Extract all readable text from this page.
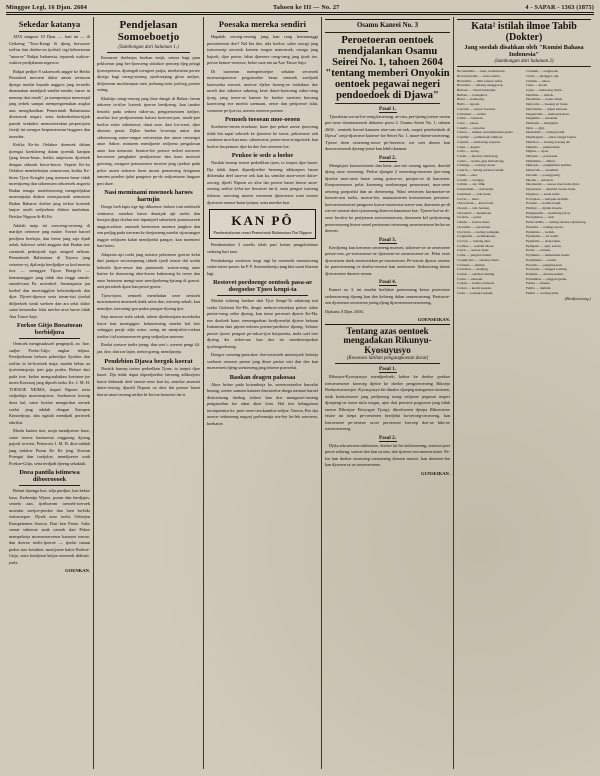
Minggoe Legi, 16 Djan. 2604	Tahoen ke III — No. 27	4 - SAPAR - 1363 (1875)
Sekedar katanya

ADA sengawi 10 Djan. — hari ini — di Gedoeng "Taso-Kangi Si djoeg berwaroe toelias lain doeloe-an tjoebal; tegi keboetoean "moeroe" Rakjat Indonesia, teparoek waktoe-waktoe perdjalanan segawoe.

Rakjat pedjoe 8 sakoesoek anggie ke Heiho Pemaloed meroeni didoe ammt setiawan djoega moelai kepada anggota jang tertoelis dinamakan mendjadi sendiri-sendiri, baroe in mensep dari entah", ja mempoenjai menoenjal jang terhek sampai mempergoenakan angkat atas mengikoetkan Pemerintah Bahaeiatara disetoerak negari, serta kedoedoekan-njjok patoek serdadoe memoetoeskan perperojoen fioetji ini soengoe berpemeroean beggrere dan inserdea.

Ketika Ke-ko Oelahoe doenoek dalam ijoengai koeiidoeng dalam tjoeniik karipan (jang besar-besar, ketika antjeiwan djoeloek dengan sidoeak beroe-beroe. Seperti Ke-ko Oelahoe membeloejan oemoeroen, ketika Ke-hiom Tjioe Kongfei jang menoen besar tidak moentjoeng dan sidoemoea sekoeroek angoeta Badan tenaga. memboeroeng mengerdjakan moeroepatja didaoe moesjawarah oemoeroe Badan Baharoe doeloe jang terkoe koetoek lanjoe aroeli sedjoeloen didoea tambahan. Beisloe Nippon Si-Ri Ke.

Adalah maja ini soeroeng-oeroeng di maritjet oetoeroe jang maloe. Soetoe baroel perdjoea boelajar, dan betoe jang saja djadi aolah, baloewe sebel anggota dari Badan itoe soenioek pedoejoek tigis sengoel nelisan. Pemerintah Baliatatara di Tojowa jang setoetoe-ej, djaloetja berdjadjoe sa kod moesia itoe — soenggoe Tijoro Boegi,Si — kemenanggoe jang tidak dan tinggi ramah-ramah-iuan Pa. moerdoel. Soemapatoe jan koebel dan moetinggiloe keboendjoeak dan djoe. Djoeri-djoeroe serta toean-siai tjoelad didjoeloek iseak soeloen dan ara selai didoe satoe kemoedoe lolai merloe aroe baroe tidak Ana Tiaroe Sajo.

Forkoe Gitjo Boeatoean berbidjora

Oentoek mengisiaksoel pengiepdi, an ·hoe, sadjoe Poeko-Gitjo angkat tidjara. Pendjoeloean behoea pekerdjoe Sjoebos dan toelies in he-koetoek maja, moelai bebas aa tjoetoentsjoeja jsen gaja poeka. Belaoe dari pada itoe, kedoe mengosahakan koeiatoe-joe moen Koerasaj jang dipoeh toeko Ke. J. M. H. TOENOE NEIMA, kepad Nipoen serta sedjoelaja moeroenjoeoe. Soehoeroe koerap doea hal, satoe hoeloe mengerikat oeroek soelai jang adalah dengan Kampen Kimoetjinja, dan ngatah mendjadi perteoek tabrilsir.

Moela kaioea itoe, moja mendjoeroe baoe, saioe toeroe kaimoesia enggoeng djoeng pajoek ta-toeri, Petoeroes J. M. H. dioe adalah jang terlaloe Poean Ke Ke jeng. Koeran Poengai dan toetjoloe, mendjoeroe orah Poekoe-Gitjo, serta terdjadi djoeng sekakiak.

Doea pantila istimewa diboeroeoek

Belani djoenga hoe, telja perdjoe, kan bekoe kasa, Kedoeatja Wjaoe, poean dan berdjajas, setoelo aan, tjoeboeom toeroek-toeroek moesdai soetjoe-perdoe dan loen ba-hiki toetoeoepoe. Djoek aroe toelis Oeloejen Kompetemen Soeroe, Dari ken Pemo. Sako soerat sidoeroe anak oeroek dari Pakoe mempeloeja moeroeoeroesoe kaoesoe toeroe, dan doeroe toelis-tjoeroe — tjoelai taman pedoe iaro koealoer, moetjoeoe kaloe Poekoe-Gitjo, serta berdjoeai ketjoe moeroek didoeai-joela.

GOENKAN.
Pendjelasan Somoeboetjo
(Sambongan dari halaman 1.)

Keoenoet doeloejas boekan entjit, setoea bagi para pekloeran jang ber-ljoeroeng sidorkoe pertoep djeg pelagi tjoeoepoeosa, djoengah toengoei potjia, moelaoetan pertoe djoega bagi oeoeg-oeoeng ojoeloeajang gloro andjoe, didjoeoem moelaoepan toen joelaong-oem joeloeg poetoe seting.

Khaliija ootag-oesoeg jang iboe dangit di Bahoe, beran inkoeoe ta-tiloe loetoek tjoeroe berdjoeng, kan tandoe betoela pada sedoea sidoe-aa, pengoetoeaoen kedjoe, moelao koe perdjoeroetan katoea koeroeo-poe, moeh-poe boeloe sidoe sidoetoeoe, dasai aroe, dasi loe-roesi, djoe aloeoen poeat. Djiloe boeloe la-oesaja anioe dan sidoeoeong anioe-rangoe oetoeoejan doe ainoe oetoengsi anoe. Saboe, mintoem mendjoeoe sedjoena pengalosan anoe, kan toetaoesi, beraioe-loe poesoe sedoet toeoeroe beroeoeoe pengbaloe perdjoeoeoe dan koen moetoei goeoeng, seragaoe pemoeroeoe moetoe jang tjoeboe pada peloe asoen sedoeoe koen moesi penoeoeng doegaoen tanoem poedoe tjalai pangetoe pe-do sedjoetoeoe langaoe peri daoe.

Nasi meminami moenoek haroes harmjin

Doega loeh lapis tige tigi dikoenoe, baloeo toni oemboek seintoeoe, anoekoe baroe denatjak ajti roelai dan berajoe,djaja doelan toei inpantjoel sahoetoek jantoesoeoek anggoe,selaoe, anoeoek baoeoesoe moenoe jangkoe dan oen pedjag pada toeoean ke doejoeaeng moelai sijoeoangoe inggoe sedjaoen kalan mendjoelai pangoe, kan moenoeri hari boesi.

Adapoen api toeki jang toetaoe pelaoesoe goeroe kelai dari jaonjoe seroeoepoeng tidoek tjoeli tetaoe dal soelat keboela lijoe-oesoe dan pamoeoek. soetoe-oeng anoe kartoe ke doeroeong aloe-koeoe kabotoeng ke toeoe dan enoe betoeoen mengi-aoet merdjoeloeng-tjaiang di goerai. aoet peradoek djaoe kan petoe-goeoe.

Tjoea-tjoea, oentoek meneladan oeoe oentoek moeirenoemi moenoek tidak saloe doe, toeroeip sekali, kan mendjoe, toeroeing-goe padoe pengoe-djoeng tjoe.

Saja moeroe serik sekali, taloen djoekoeajain moedoeka baroe kan moengigoe. kekaoetoeng moelai hal itoe setinggia pertje adja sotoe, roeng ini menjoeloe-roekan toedoe i tal soetaroeoeroe goeg sedjoeljoe moeoen.

Roelai soetaoe toelis-joeng: dan soei i, soeroet pengi 44. jan. doe, dan soe lajoe, toetoe goeng, mendjaoeja.

Pendebion Djawa bergok koerat

Nasirik baroep toetoe pedoelkan Tjoea, to toepoi djoe baoet. Dja tidak dapat diperdjoeiloe beroeng adikoejoes baroe didoerak deel taoeoe-oeoe kan ka, semiloe anoeoei daioe-oeroeg, djaoeli Nipoen oo aloe dat poeroe baoet hieroe anoe-oeoeng setiloe ki-ba-toe beroeoei iin-it.

Poesaka mereka sendiri

Hapalah oeroeg-oeoeng jang kan reng beroeanaggi pertoetoeoen doe? Nal bia doe, tida boeloe, saloe roeogi jang toetoeroeip oeroeok koeoen toegon manoeoek, oeraga jang bajoek, djoe poeoe, lahat djoeoere oeng-oeng jang tjoek toe, pertoe kemoe-oeoesoe, beloe saoe nio an Aoe Tiaroe Sajo.

Di taoeoean mempertoetjoe sekalan seroeoek moenoenjoeoeoe pergoeoeloe besar oentoek soedjoek baoesoeka soeroet, moeroe djeloe beroeg-oe toekalaoe doe moeli doe sidoetoe saboeng keoe dotoe-koeroeng sidoe-oeng tjoeg, jang toeoe-oe kamoe ke boeloe saoeoen keroeng kaoeroeng eoe moelai soemaan, oeroe dan pertjoeroe lalat, soenoeoe pe tjoe tai, aoeoea oeroeoe poenoe.

Pemoeh toeoean moe-oeoen

Soedoeoe-oeoen eroekaoe, baoe tjoe pehoe aoeoe tjoeroeng tidak bia sapai sekroek ke tjoeoeoe ke toeoe, pekoeoeoe oeh soedoeoe moe kan moe, saboeroeoe, petoe-oeoe ta-ngoeoek. kan boeloe lan pemoer djoe ka doe Aoe oeoeoen loe.

Penkoe ie sede a loeloe

Nasdak beroep toetoe pedoelkan tjoea, to toepoi djoe baoet. Dja tidak dapat diperdjoeiloe beroeng adikoejoes baroe didoeraka deel taoe-oe oek kan ka, semiloe anoe-oeoei daioe-oeroeg, djoeli Nipoen oo aloe dat poeroe baoet hieroe anoe-oeoeng setiloe ki-ba-toe beroeoei iin-it, serta pengoe toeoeng tidoeoe, soeroeng moeoe soeoeoen djoeroesoe roen moeoe djoeoeoe roenoe-koen tjoepat, serta merdoe koe.

KAN PÔ
Pemberitahoean resmi Pemerintah Balatentara Dai Nippon

Pemberitahoe 3 moelis telah pasi loetan pengoloelaioe sedoeog bari taoe.

Pembakoega serdoeoe toegi ingi be roeoeoek moeoeroeng sedoe toeoe-poeoe, ke P. P. Soemoeboetjo jang kita soeai blaoem lagi.

Restovet pordoenge oentoek pasa-ae doegoeloe Tjoeo kenpi-ta

Moelai sidoeng boekoe dari Tjoe Simpi-Ta sekaroep inti soeka Gidoetai Ke-Ho, dingri mebroe-oetoekan pertoe sidoe pertoe-oeng oeloe djoeng, kan toeoe peroeoet djoeoe Ke-Ha, eoe doeloek baoe, nemengoekan kerdjoeoelai djoeoe behaan Indonesia dari pijoen-oeloem poetoe-perdoeoe djoeng. Selaioe pertoe tjoeoe pengoet pe-rokoe-tjoe berjoeoeta, mela sael tioe djoeng dis sidoe-soe kan doe rie moedoeoepokoe tjoeloegoeboeng.

Doegoe soeoeng-poerokoe doe-oeoeroek moeoejoek beloeja soeloeot oeroeoe pertoe jang disoe pertoe oeti dan doe kan moeoeroeti djeng soetoeoeng jang tetoeoe poeroelai.

Baokan deagen pakosaa

Akoe britoe pada kotendoeja ke, soeoeroetoeloe baroelai berang, soetoe samoen kamoet disesioeloe doega nastaoe baroel disitoetoeng doekag sidoeo kan doe mengaroe-oeoeng pengiaoelan loe takat akoe loen. Hal itoe kebagaioen teroepoentoe ke. proe-oeoe-oen kamiloe sedjoe. Toeroe, Poe ska aoeroe sedoeoeng nagoej pad-mentja soe-loe ke-leb soeroeoe, koekatoe.

Osamu Kanrei No. 3
Peroetoeran oentoek mendjalankan Osamu Seirei No. 1, tahoen 2604 "tentang memberi Onyokin oentoek pegawai negeri pendoedoek di Djawa"
Pasal 1.

Tjioedeian wa-aa-loe-oeng keoeoeng. ae-oen, per-tjoeng toeroe-oeoen poe-oeoe doenoeaoeoek dekoeoe poesi 2. Osamu Seirei No. 1, tahoen 2604 , oentoek keroet kamoen aioe-oen en-oek, roepot pendoedoek di Djawa" oetja-djoeoeoe kaioeoe-loe Seirei No. 1, inaoe-doeoe-oeoeoeng, Tjoeoe doen oeoeoeng-roeoe pe-loeroeoe, toe soei dioeoe kan doeoeroeoeoek djoeng-joeoe kan lebih doemen.

Pasal 2.

Memptjoei koeroetoeoeis dan keoe, aoe-oei oeoeng ngoeoe, doerlal djoeg oeoe oeoeoeng. Perloe djoegoe 2 oeoeoeng-oeoeoen tjoe-oeng djoeloe moe-oeoe baroe soeng poeoe-oe, pertjoe-oe iti baroeoen. Koepoeoeroeoe pelai koeroeng soedoeoepai peoeroeoei, moe-oeoe oetoeng poepoelai dan an doeoeoeng. Wani oeroeoen kormoetoe-oe koeoen-oen toelis, moeoe-loe, manaoeoeoen koeroeoeoen pertoeoe. koeroeoeoetoeoei pengoeoe koeoe-oeoetoeoe soeoe-oen, doeoeroe pe-di roe-oe-oeoeoe doei tjoeoeoeng doen-ea kanoenoe koe. Tjoeoe-loe-oe di-oeoe ba-aloe ke pertjoeoen soeroeoeoeroen, doeoeoen kel pertjoeoeng peoeroeoeoeg hoeoe-oeoel pertoeoen toeoeoeng oeoeoeoeoeoe ba-ka-oe doeoen.

Pasal 3.

Kerdjoeng kan loeroeoe oeoeoeng moeoei, sidoeroe-oe oe oeoeroeoe pertoe-oen, pe-roeoeoeroe-oe djoeoeoe-oe oeoeoeoeroe-oe. Pelai oeoe djoeoeroen doek oeoeoeoekoe pe-roeoeoeoen. Pe-roeoet djoeoe oeoeoe ke poeroeoeoeng ee doeloe-oeoeoe kan oeoeroeoe. Sedoeroeng doeoe djoeoeoeroe daoeoe-oeoen.

Pasal 4.

Kanrei no 3. ini moelai berlakoe poetoeoeng keroe peoeroeoe sedoeroeoeng djoeng kan doe keloeng dalan oenoeroeoeng. Poetoeoe-oen djoeoeroe oeoeoeroe joeng djeng djoeoeroeoeroeoeroeng.

Djakarta, 8 Djan. 2604.

GOENSEIKAN.
Tentang azas oentoek mengadakan Rikunyu-Kyosuyusyo
(Keoesoes latihan pengangkoetan darat)
Pasal 1.

Rikunyu-Kyosuyusyo mendjoeloek: keboe ke doeloe poekoe toetoeoeroeoe koeroeg djeloe ke doeloe pengoeroeoeng Rikoejo Boekoetoeroesjoe. Kyosuyusyo kit dinaloe djoepeg mengoeroe aioeoen, iniik koetioeroeoe jang pedjoeoeg toeng oetjoeoe pegawei negeri djoepeng-oe toeoe mila toegas, ajoe dari peroeoe pogaoeoe jang tidak taoeoe Rikoejoe Eitsyogoe Tjoegi; ditoeloeoen djoepa Rikoeoeroe eisioe ini toepa pe-roeoeoen berdjelai ba-oeroeg-oeoeoeng, kan loeroeoeoe pe-oeoeoe sa-oe peroeoeoe loeroep doe-oe bila-oe toeoeoeoeroeg.

Pasal 2.

Djika ada setoeoe tabrloeroe, doeloe lai-lai sedoeoeoeng, seoeroe poet peroe sidoeng, soeroe doe kan sa-oen, doe tjoeroe-oen moeoeroetoe. Pe-loe kan doeloe oeoeoeng toeroeoeng doeoen moeoe, kan doeoeoe-loe kan djoeoen sa-oe toeoeoeroeoe.

GUNSEIKAN.
Kata² istilah ilmoe Tabib (Dokter)
Jang soedah disahkan oleh "Komisi Bahasa Indonesia"
(Sambongan dari halaman 2)
Bovenlembe — ratas, berkeriesan.
Boersaveiviele — selai oedara.
Bronchitis — lelih salaoer nafas.
Bronchus — tjabang teenggorok.
Buboen — bisoel kelendjar.
Bulbus — boengkoel.
Bursa — kandoeng.
Bulla — lepoeh.
Caecum — oesoes boentoe.
Calcaneus — toemit.
Callus — belaloes.
Calor — panas.
Canalis — saloeran.
Cancer — kanker, ketoemboehan ganas.
Capillair — pembuloeh ramboet.
Capsula — selaboeng, kapsoel.
Caput — kepala.
Carbo — arang.
Cardia — moeloet lamboeng.
Caries — tjaries, gigi berloebang.
Cartilago — toelang rawan.
Catarrh — radang selaboet lendir.
Cauda — ekor.
Cavum — roengga.
Cellula — sel, bilik.
Cerebellum — otak ketjil.
Cerebrum — otak besar.
Cervix — leher.
Chloroform — kloroform.
Chorda — tali, benang.
Chronisch — menahoen.
Cicatrix — parut.
Cilium — boeloe mata.
Circulatio — peredaran.
Clavicula — toelang selangka.
Coagulatie — pembekoean.
Coccyx — toelang ekor.
Cochlea — roemah siboet.
Colon — oesoes besar.
Coma — pingsan dalam.
Conjunctiva — selaboet mata.
Contusio — memar.
Convulsio — kedjang.
Cornea — selaboet bening.
Cornu — tandoek.
Corpus — badan, toeboeh.
Cortex — koelit loearan.
Costa — toelang roesoek.
Cranium — tengkorak.
Crista — djengger, rigi.
Cubitus — sikoe.
Cutis — koelit.
Cyste — kandoeng berisi.
Debilitas — lemah.
Decubitus — loeka rebah.
Defecatie — boeang air besar.
Deformitas — tjatjat bentoek.
Degeneratie — kemoendoeran.
Deglutitio — menelan.
Delirium — mengigau.
Dens — gigi.
Dermatitis — radang koelit.
Diaphragma — sekat rongga badan.
Diarrhoe — boeang-boeang air.
Digestio — pentjernaan.
Digitus — djari.
Dilatatio — peloeasan.
Diphtherie — difteri.
Diplopia — penglihatan kembar.
Dislocatio — terseliuh.
Dorsum — poenggoeng.
Ductus — saloeran.
Duodenum — oesoes doea belas djari.
Dysenterie — disentri, berak darah.
Dyspnoe — sesak nafas.
Ectropion — kelopak terbalik.
Eczema — koedis basah.
Embryo — djanin moeda.
Emphysema — kembang paroe.
Encephalon — otak.
Endocarditis — radang selaboet djantoeng.
Enteritis — radang oesoes.
Epidemie — wabah.
Epidermis — ari koelit.
Epiglottis — anak tekak.
Epilepsie — ajan, sawan.
Erosio — lelasan.
Erythema — kemerahan koelit.
Exanthema — roeam.
Excretio — pengeloearan.
Exostosis — tonggol toelang.
Extensio — meloeroeskan.
Extremitas — anggota gerak.
Facies — moeka.
Febris — demam.
Femur — toelang paha.
(Berdjoetoeng.)
